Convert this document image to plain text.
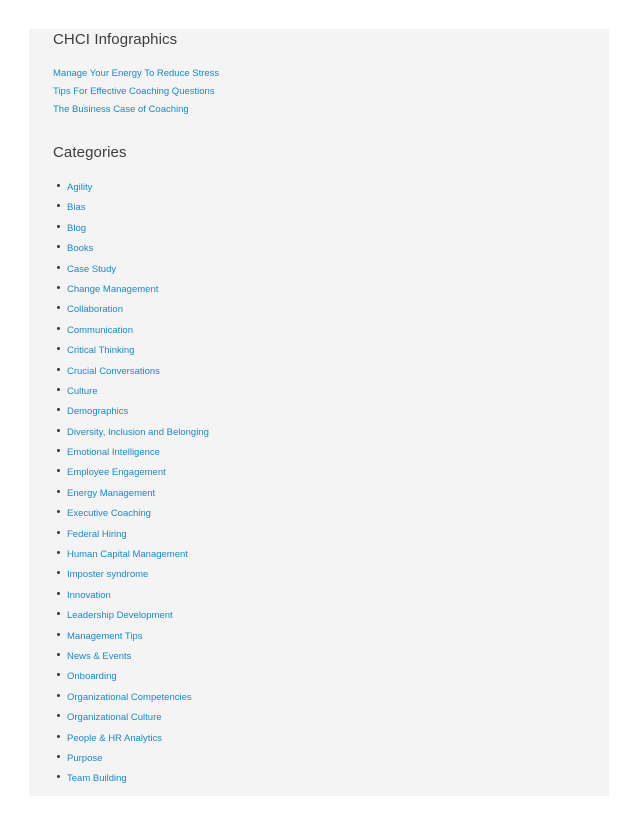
CHCI Infographics
Manage Your Energy To Reduce Stress
Tips For Effective Coaching Questions
The Business Case of Coaching
Categories
Agility
Bias
Blog
Books
Case Study
Change Management
Collaboration
Communication
Critical Thinking
Crucial Conversations
Culture
Demographics
Diversity, Inclusion and Belonging
Emotional Intelligence
Employee Engagement
Energy Management
Executive Coaching
Federal Hiring
Human Capital Management
Imposter syndrome
Innovation
Leadership Development
Management Tips
News & Events
Onboarding
Organizational Competencies
Organizational Culture
People & HR Analytics
Purpose
Team Building
